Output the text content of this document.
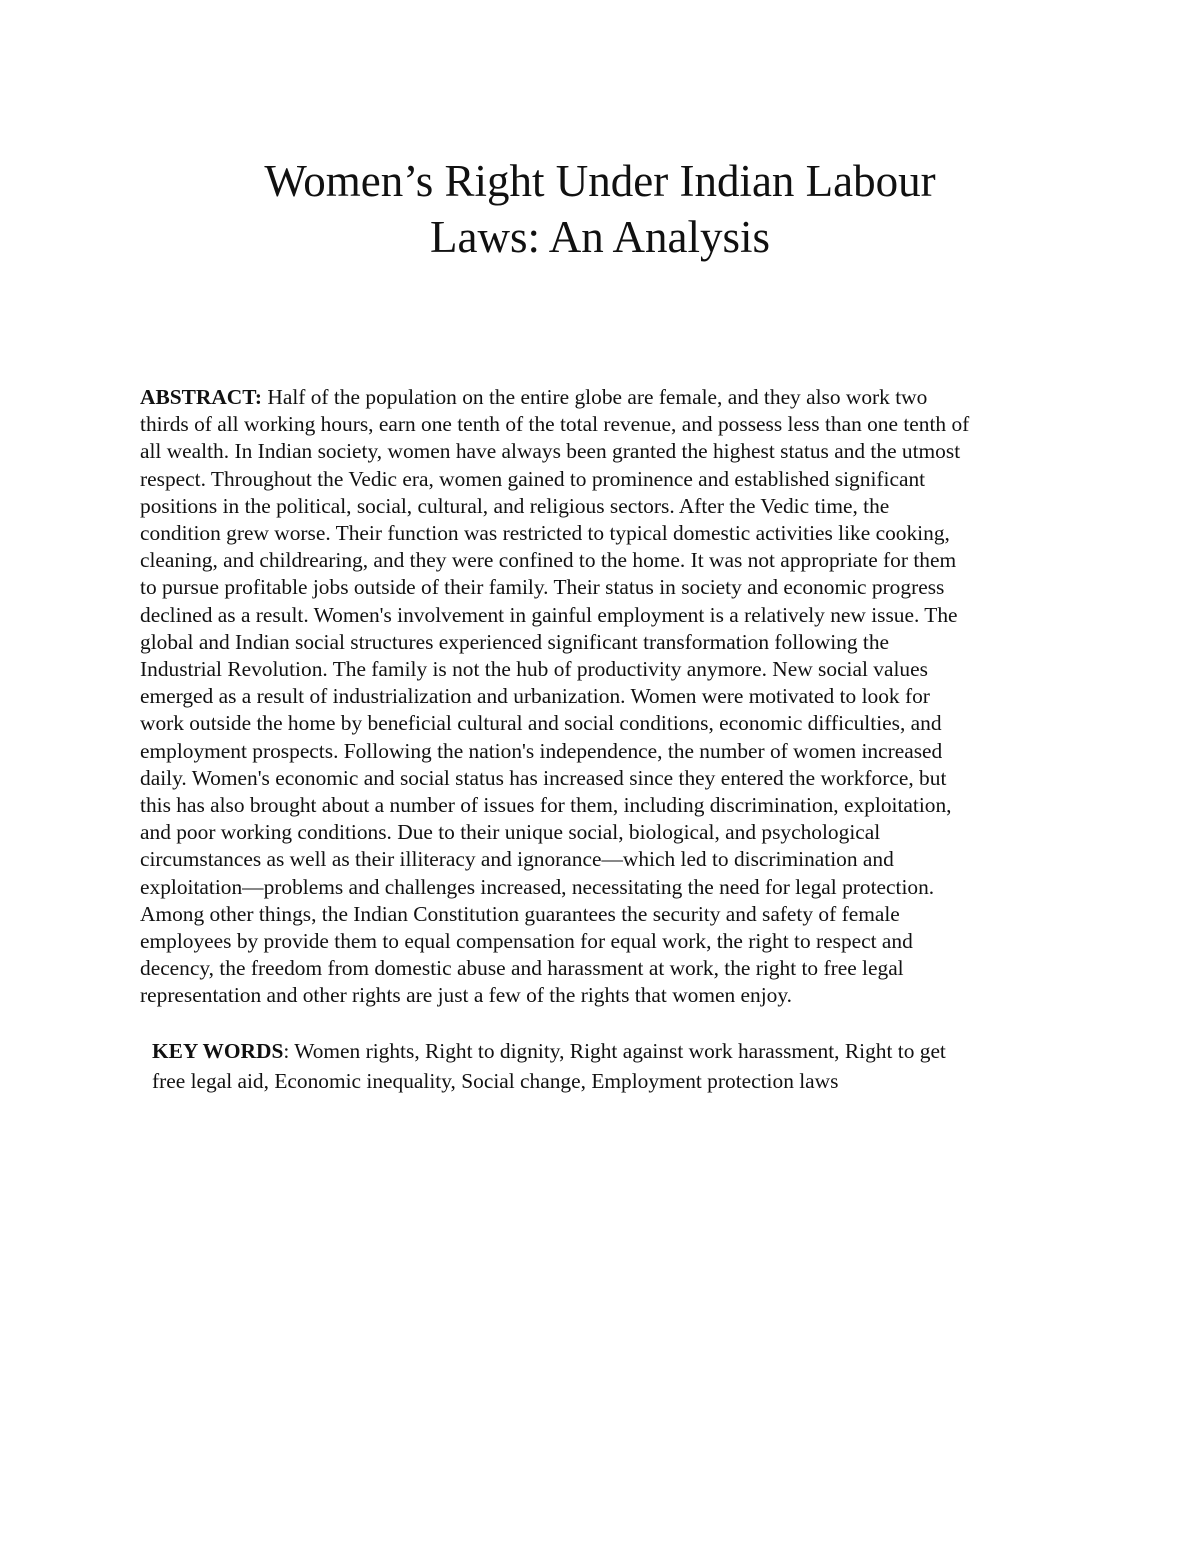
Women’s Right Under Indian Labour
Laws: An Analysis

ABSTRACT: Half of the population on the entire globe are female, and they also work two
thirds of all working hours, earn one tenth of the total revenue, and possess less than one tenth of
all wealth. In Indian society, women have always been granted the highest status and the utmost
respect. Throughout the Vedic era, women gained to prominence and established significant
positions in the political, social, cultural, and religious sectors. After the Vedic time, the
condition grew worse. Their function was restricted to typical domestic activities like cooking,
cleaning, and childrearing, and they were confined to the home. It was not appropriate for them
to pursue profitable jobs outside of their family. Their status in society and economic progress
declined as a result. Women's involvement in gainful employment is a relatively new issue. The
global and Indian social structures experienced significant transformation following the
Industrial Revolution. The family is not the hub of productivity anymore. New social values
emerged as a result of industrialization and urbanization. Women were motivated to look for
work outside the home by beneficial cultural and social conditions, economic difficulties, and
employment prospects. Following the nation's independence, the number of women increased
daily. Women's economic and social status has increased since they entered the workforce, but
this has also brought about a number of issues for them, including discrimination, exploitation,
and poor working conditions. Due to their unique social, biological, and psychological
circumstances as well as their illiteracy and ignorance—which led to discrimination and
exploitation—problems and challenges increased, necessitating the need for legal protection.
Among other things, the Indian Constitution guarantees the security and safety of female
employees by provide them to equal compensation for equal work, the right to respect and
decency, the freedom from domestic abuse and harassment at work, the right to free legal
representation and other rights are just a few of the rights that women enjoy.

KEY WORDS: Women rights, Right to dignity, Right against work harassment, Right to get
free legal aid, Economic inequality, Social change, Employment protection laws
